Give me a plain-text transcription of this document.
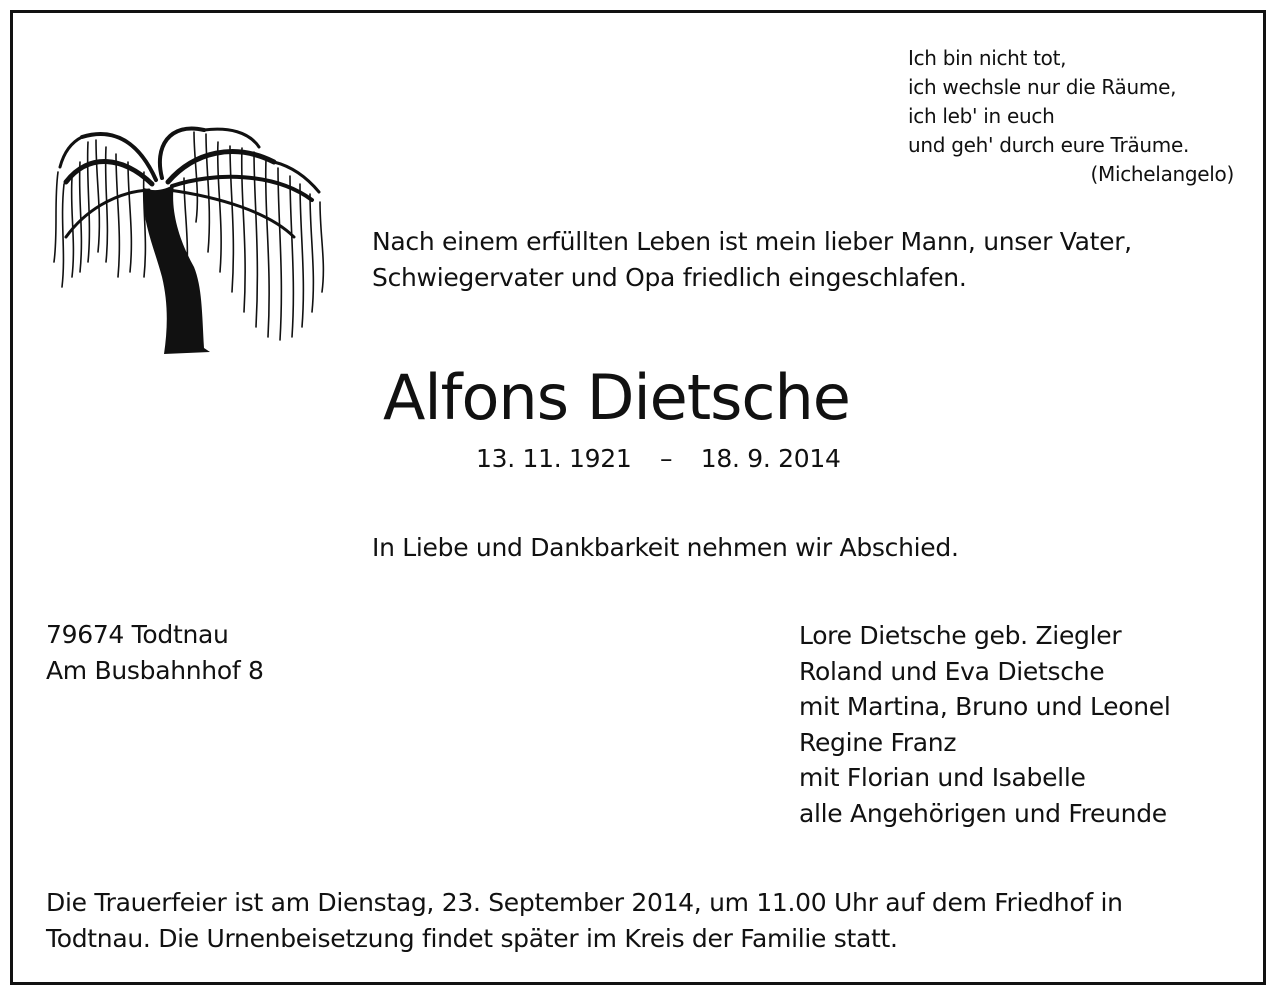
Ich bin nicht tot,
ich wechsle nur die Räume,
ich leb' in euch
und geh' durch eure Träume.
(Michelangelo)
Nach einem erfüllten Leben ist mein lieber Mann, unser Vater,
Schwiegervater und Opa friedlich eingeschlafen.
Alfons Dietsche
13. 11. 1921 – 18. 9. 2014
In Liebe und Dankbarkeit nehmen wir Abschied.
79674 Todtnau
Am Busbahnhof 8
Lore Dietsche geb. Ziegler
Roland und Eva Dietsche
mit Martina, Bruno und Leonel
Regine Franz
mit Florian und Isabelle
alle Angehörigen und Freunde
Die Trauerfeier ist am Dienstag, 23. September 2014, um 11.00 Uhr auf dem Friedhof in
Todtnau. Die Urnenbeisetzung findet später im Kreis der Familie statt.
